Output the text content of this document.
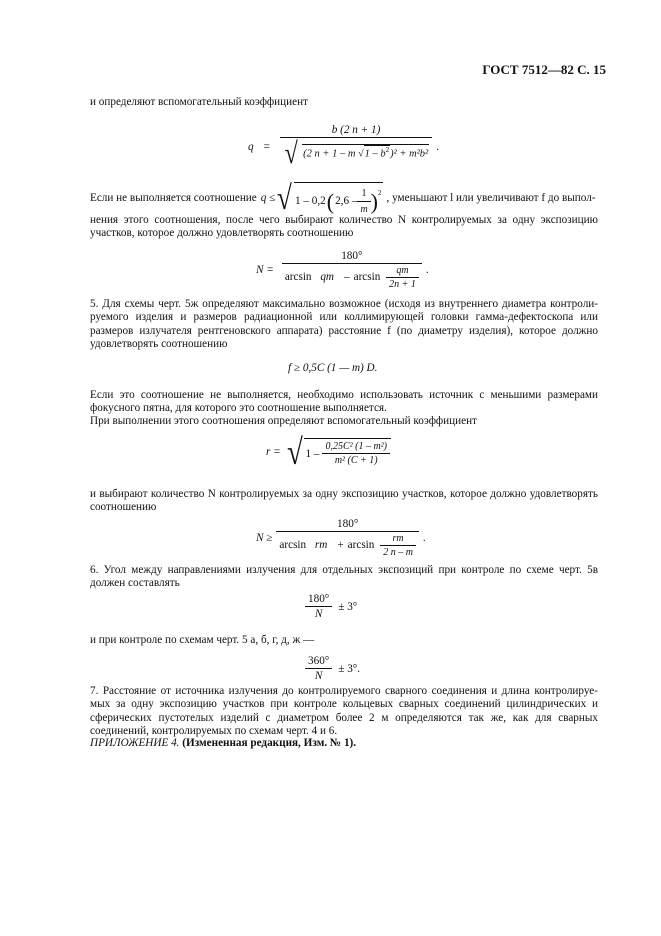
ГОСТ 7512—82 С. 15
и определяют вспомогательный коэффициент
$q = \frac{b (2 n + 1)}{√ (2 n + 1 - m √1 - b^2)^2 + m^2b^2}$ .
Если не выполняется соотношение q ≤ √ 1 – 0,2 ( 2,6 –
1
m )$^2$ , уменьшают l или увеличивают f до выпол-
нения этого соотношения, после чего выбирают количество N контролируемых за одну экспозицию участков, которое должно удовлетворять соотношению
$N = \frac{180^\circ}{\arcsin qm - \arcsin \frac{qm}{2n + 1}}$ .
5. Для схемы черт. 5ж определяют максимально возможное (исходя из внутреннего диаметра контроли-руемого изделия и размеров радиационной или коллимирующей головки гамма-дефектоскопа или размеров излучателя рентгеновского аппарата) расстояние f (по диаметру изделия), которое должно удовлетворять соотношению
f ≥ 0,5C (1 — m) D.
Если это соотношение не выполняется, необходимо использовать источник с меньшими размерами фокусного пятна, для которого это соотношение выполняется.
При выполнении этого соотношения определяют вспомогательный коэффициент
r = √ 1 –
0,25C² (1 – m²)
m² (C + 1)
и выбирают количество N контролируемых за одну экспозицию участков, которое должно удовлетворять соотношению
$N \ge \frac{180^\circ}{\arcsin rm + \arcsin \frac{rm}{2 n - m}}$ .
6. Угол между направлениями излучения для отдельных экспозиций при контроле по схеме черт. 5в должен составлять
180°
N
± 3°
и при контроле по схемам черт. 5 а, б, г, д, ж —
360°
N
± 3°.
7. Расстояние от источника излучения до контролируемого сварного соединения и длина контролируе-мых за одну экспозицию участков при контроле кольцевых сварных соединений цилиндрических и сферических пустотелых изделий с диаметром более 2 м определяются так же, как для сварных соединений, контролируемых по схемам черт. 4 и 6.
ПРИЛОЖЕНИЕ 4. (Измененная редакция, Изм. № 1).
